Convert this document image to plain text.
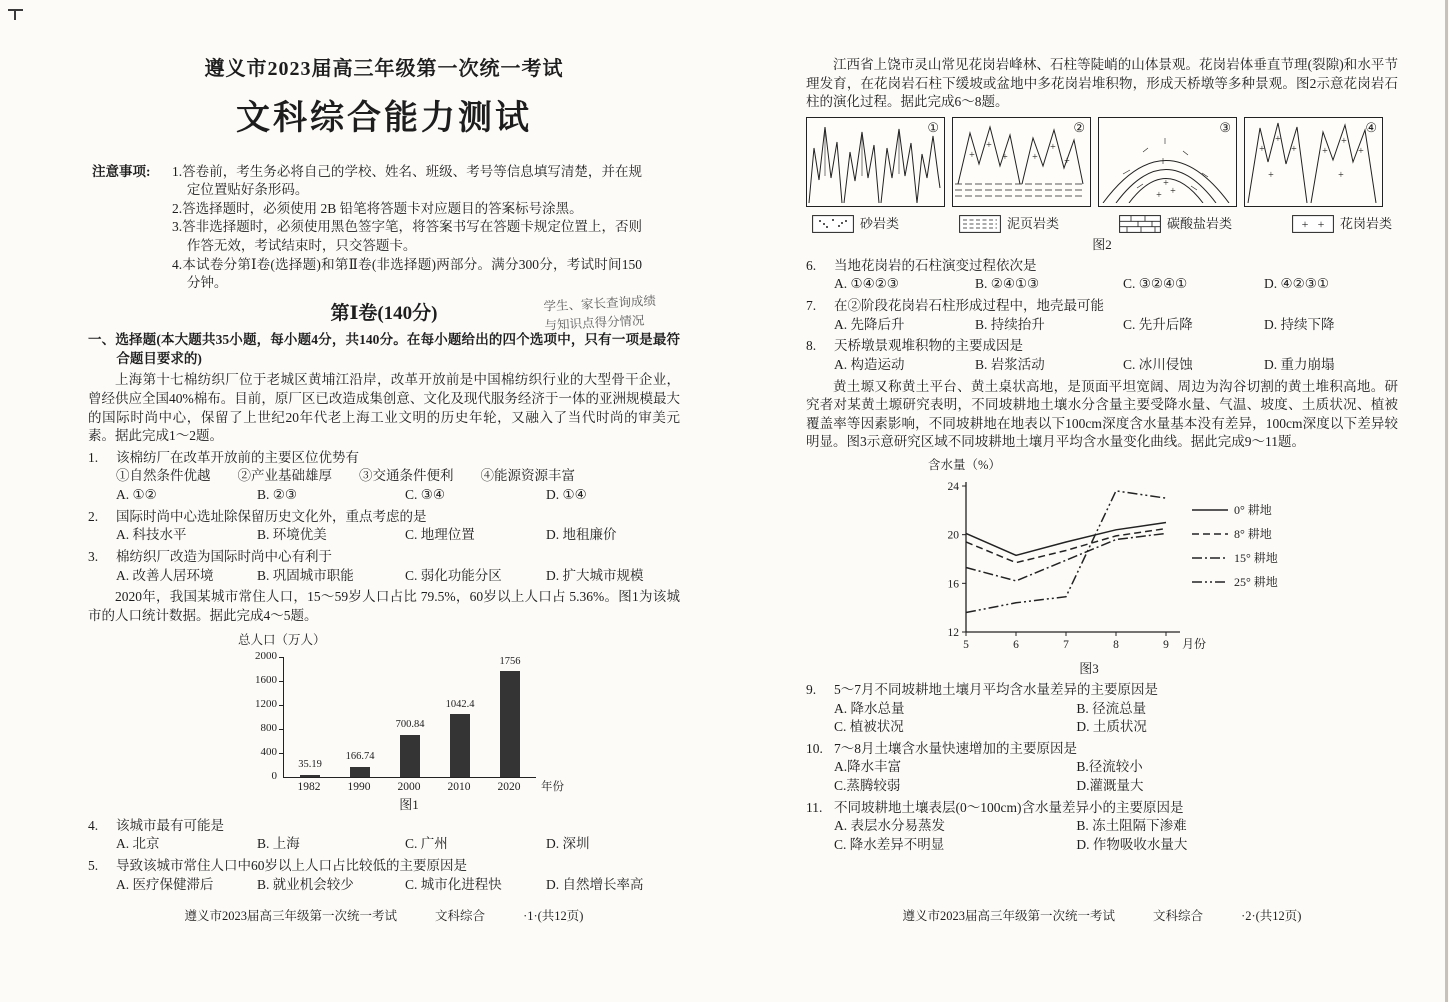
遵义市2023届高三年级第一次统一考试
文科综合能力测试
注意事项: 1.答卷前，考生务必将自己的学校、姓名、班级、考号等信息填写清楚，并在规定位置贴好条形码。
2.答选择题时，必须使用 2B 铅笔将答题卡对应题目的答案标号涂黑。
3.答非选择题时，必须使用黑色签字笔，将答案书写在答题卡规定位置上，否则作答无效，考试结束时，只交答题卡。
4.本试卷分第Ⅰ卷(选择题)和第Ⅱ卷(非选择题)两部分。满分300分，考试时间150分钟。
学生、家长查询成绩
与知识点得分情况
第Ⅰ卷(140分)
一、选择题(本大题共35小题，每小题4分，共140分。在每小题给出的四个选项中，只有一项是最符合题目要求的)
上海第十七棉纺织厂位于老城区黄埔江沿岸，改革开放前是中国棉纺织行业的大型骨干企业，曾经供应全国40%棉布。目前，原厂区已改造成集创意、文化及现代服务经济于一体的亚洲规模最大的国际时尚中心，保留了上世纪20年代老上海工业文明的历史年轮，又融入了当代时尚的审美元素。据此完成1～2题。
1.	该棉纺厂在改革开放前的主要区位优势有
①自然条件优越　　②产业基础雄厚　　③交通条件便利　　④能源资源丰富
A. ①②	B. ②③	C. ③④	D. ①④
2.	国际时尚中心选址除保留历史文化外，重点考虑的是
A. 科技水平	B. 环境优美	C. 地理位置	D. 地租廉价
3.	棉纺织厂改造为国际时尚中心有利于
A. 改善人居环境	B. 巩固城市职能	C. 弱化功能分区	D. 扩大城市规模
2020年，我国某城市常住人口，15～59岁人口占比 79.5%，60岁以上人口占 5.36%。图1为该城市的人口统计数据。据此完成4～5题。
总人口（万人）
0
400
800
1200
1600
2000
35.19
166.74
700.84
1042.4
1756
1982 1990 2000 2010 2020 年份
图1
4.	该城市最有可能是
A. 北京	B. 上海	C. 广州	D. 深圳
5.	导致该城市常住人口中60岁以上人口占比较低的主要原因是
A. 医疗保健滞后	B. 就业机会较少	C. 城市化进程快	D. 自然增长率高
遵义市2023届高三年级第一次统一考试	文科综合	·1·(共12页)
江西省上饶市灵山常见花岗岩峰林、石柱等陡峭的山体景观。花岗岩体垂直节理(裂隙)和水平节理发育，在花岗岩石柱下缓坡或盆地中多花岗岩堆积物，形成天桥墩等多种景观。图2示意花岗岩石柱的演化过程。据此完成6～8题。
①
+
+
+ +
+
+
②
+ +
+
③
+
+
+	+
+
+
+	+
④
砂岩类	泥页岩类	碳酸盐岩类	+ + 花岗岩类
图2
6.	当地花岗岩的石柱演变过程依次是
A. ①④②③	B. ②④①③	C. ③②④①	D. ④②③①
7.	在②阶段花岗岩石柱形成过程中，地壳最可能
A. 先降后升	B. 持续抬升	C. 先升后降	D. 持续下降
8.	天桥墩景观堆积物的主要成因是
A. 构造运动	B. 岩浆活动	C. 冰川侵蚀	D. 重力崩塌
黄土塬又称黄土平台、黄土桌状高地，是顶面平坦宽阔、周边为沟谷切割的黄土堆积高地。研究者对某黄土塬研究表明，不同坡耕地土壤水分含量主要受降水量、气温、坡度、土质状况、植被覆盖率等因素影响，不同坡耕地在地表以下100cm深度含水量基本没有差异，100cm深度以下差异较明显。图3示意研究区域不同坡耕地土壤月平均含水量变化曲线。据此完成9～11题。
含水量（%）
12
16
20
24
5	6	7	8	9 月份
0° 耕地
8° 耕地
15° 耕地
25° 耕地
图3
9.	5～7月不同坡耕地土壤月平均含水量差异的主要原因是
A. 降水总量	B. 径流总量
C. 植被状况	D. 土质状况
10. 7～8月土壤含水量快速增加的主要原因是
A.降水丰富	B.径流较小
C.蒸腾较弱	D.灌溉量大
11. 不同坡耕地土壤表层(0～100cm)含水量差异小的主要原因是
A. 表层水分易蒸发	B. 冻土阻隔下渗难
C. 降水差异不明显	D. 作物吸收水量大
遵义市2023届高三年级第一次统一考试	文科综合	·2·(共12页)
